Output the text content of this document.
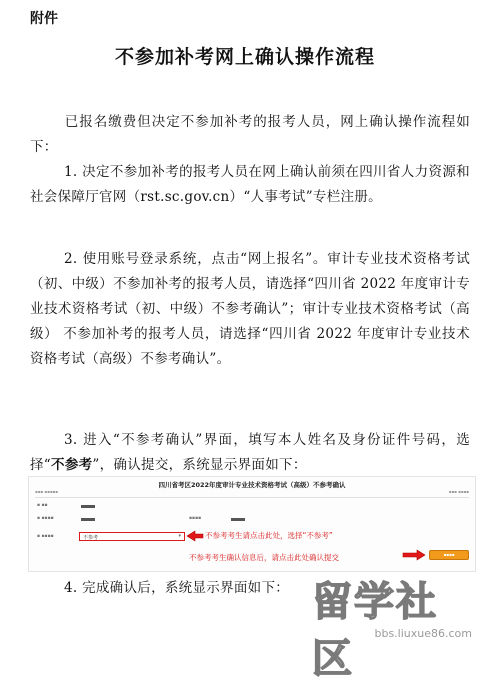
附件
不参加补考网上确认操作流程
已报名缴费但决定不参加补考的报考人员，网上确认操作流程如下：
1. 决定不参加补考的报考人员在网上确认前须在四川省人力资源和社会保障厅官网（rst.sc.gov.cn）“人事考试”专栏注册。
2. 使用账号登录系统，点击“网上报名”。审计专业技术资格考试（初、中级）不参加补考的报考人员，请选择“四川省 2022 年度审计专业技术资格考试（初、中级）不参考确认”；审计专业技术资格考试（高级） 不参加补考的报考人员，请选择“四川省 2022 年度审计专业技术资格考试（高级）不参考确认”。
3. 进入“不参考确认”界面，填写本人姓名及身份证件号码，选择“不参考”，确认提交，系统显示界面如下：
四川省考区2022年度审计专业技术资格考试（高级）不参考确认
▪▪▪ ▪▪▪▪▪	▪▪▪ ▪▪▪▪
▪ ▪▪
▪ ▪▪▪▪	▪▪▪▪
▪ ▪▪▪▪	不参考	▾	不参考考生请点击此处，选择“不参考”
不参考考生确认信息后，请点击此处确认提交	▪▪▪▪
4. 完成确认后，系统显示界面如下： 留学社区
bbs.liuxue86.com
